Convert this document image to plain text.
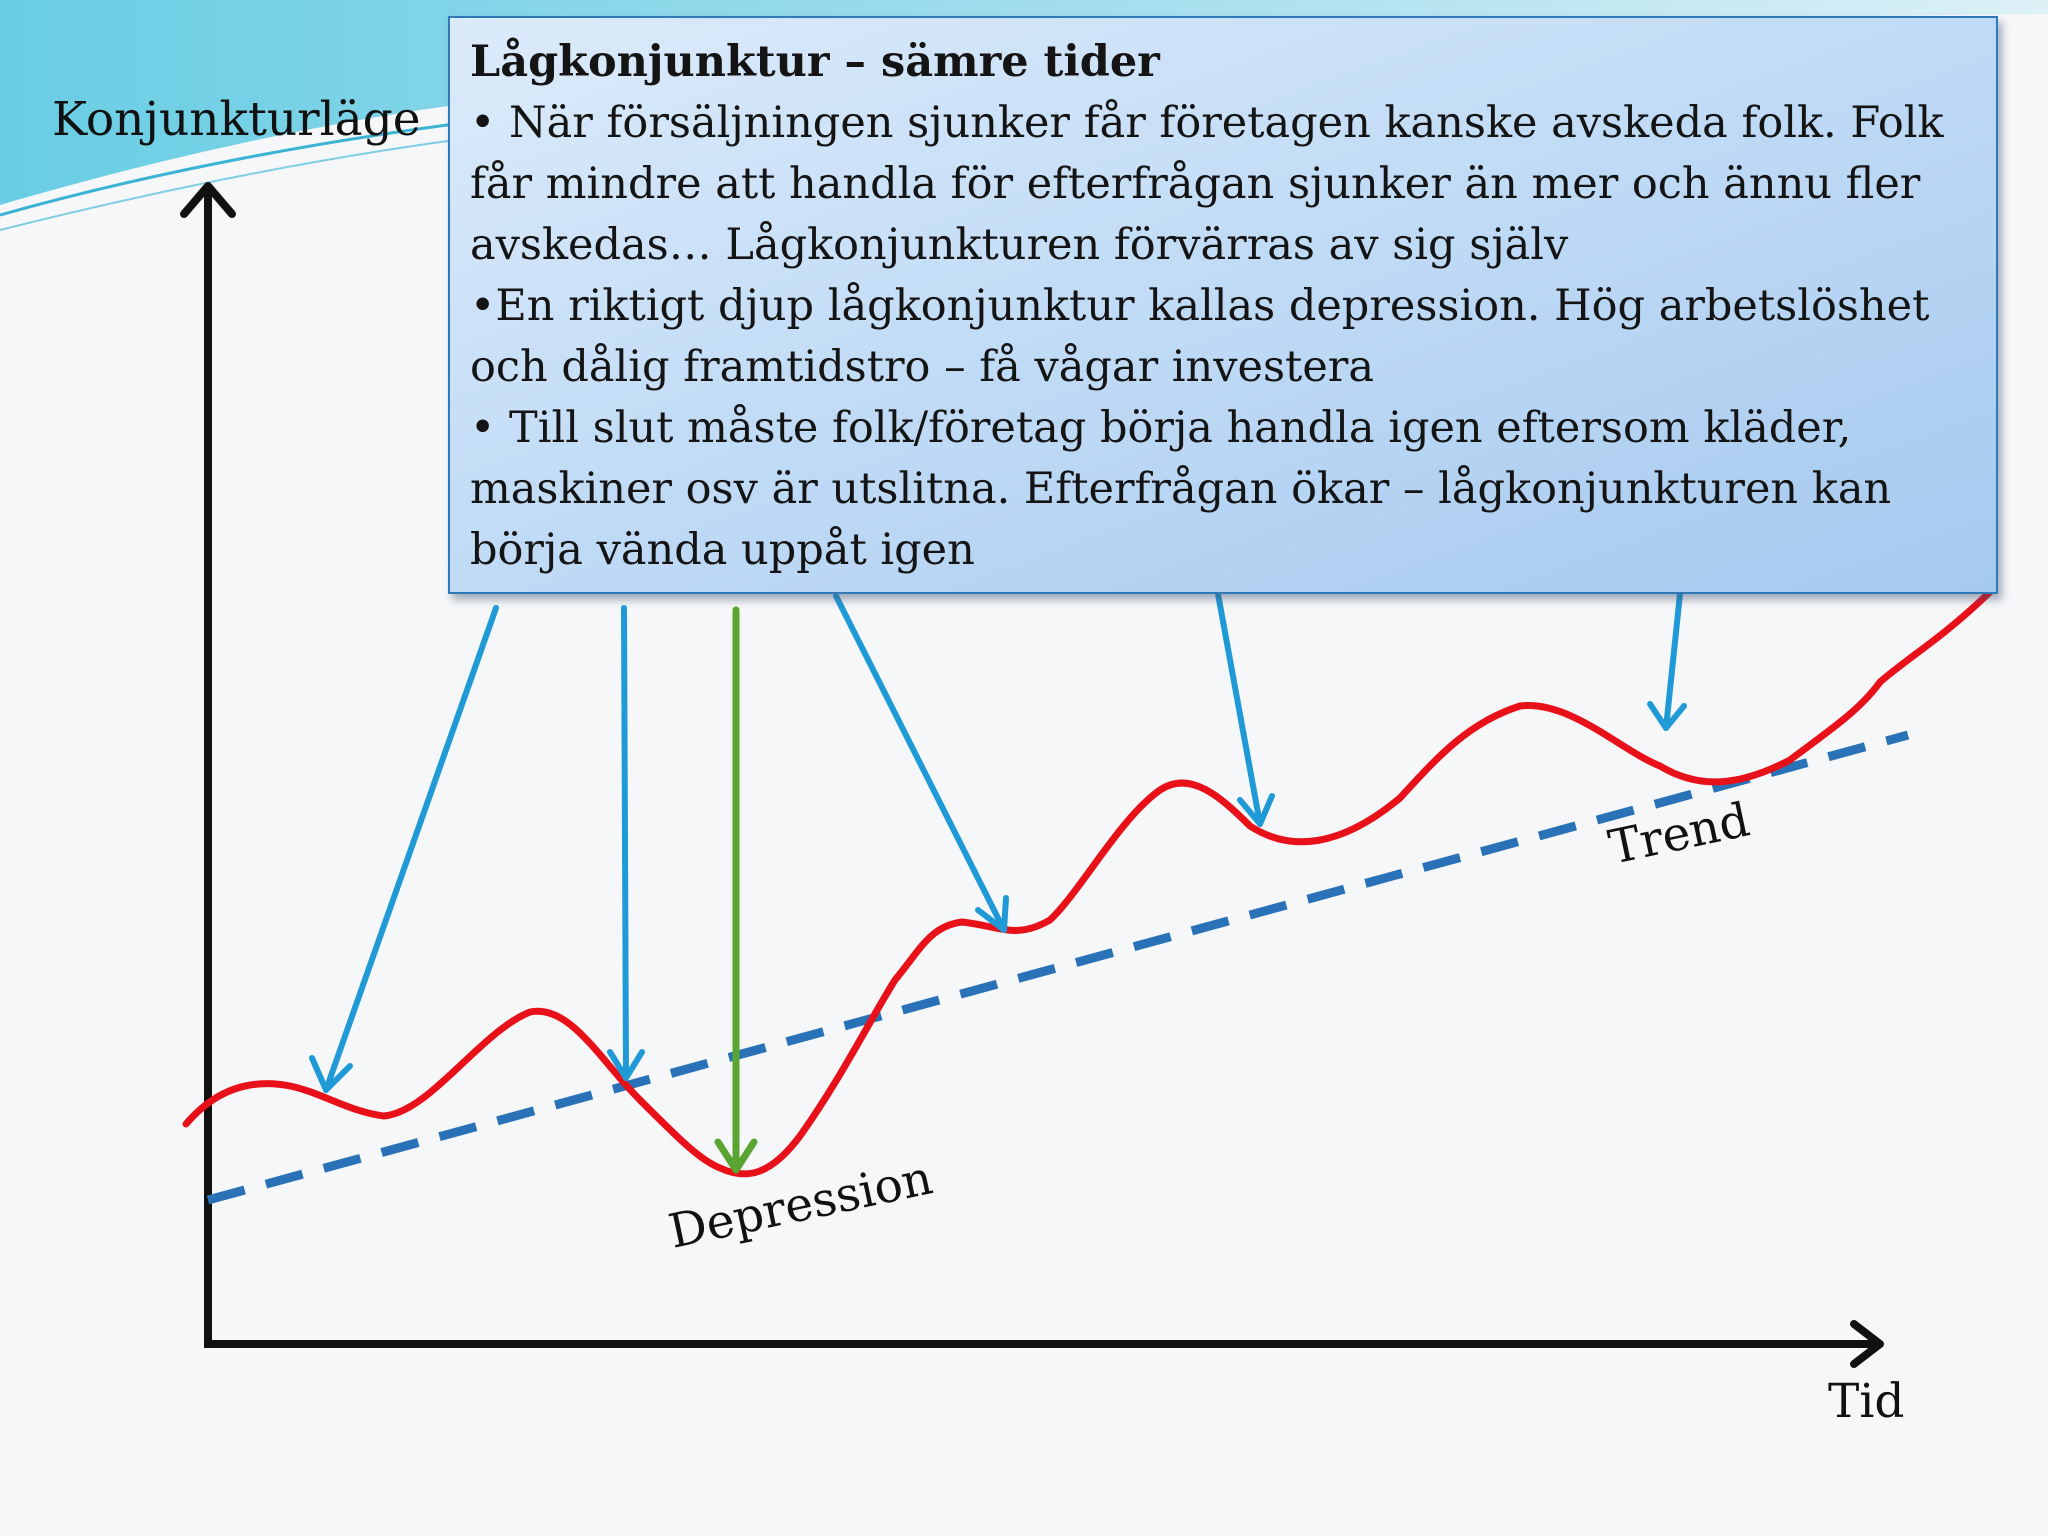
Konjunkturläge
Tid
Trend
Depression

Lågkonjunktur – sämre tider

• När försäljningen sjunker får företagen kanske avskeda folk. Folk

får mindre att handla för efterfrågan sjunker än mer och ännu fler

avskedas… Lågkonjunkturen förvärras av sig själv

•En riktigt djup lågkonjunktur kallas depression. Hög arbetslöshet

och dålig framtidstro – få vågar investera

• Till slut måste folk/företag börja handla igen eftersom kläder,

maskiner osv är utslitna. Efterfrågan ökar – lågkonjunkturen kan

börja vända uppåt igen
